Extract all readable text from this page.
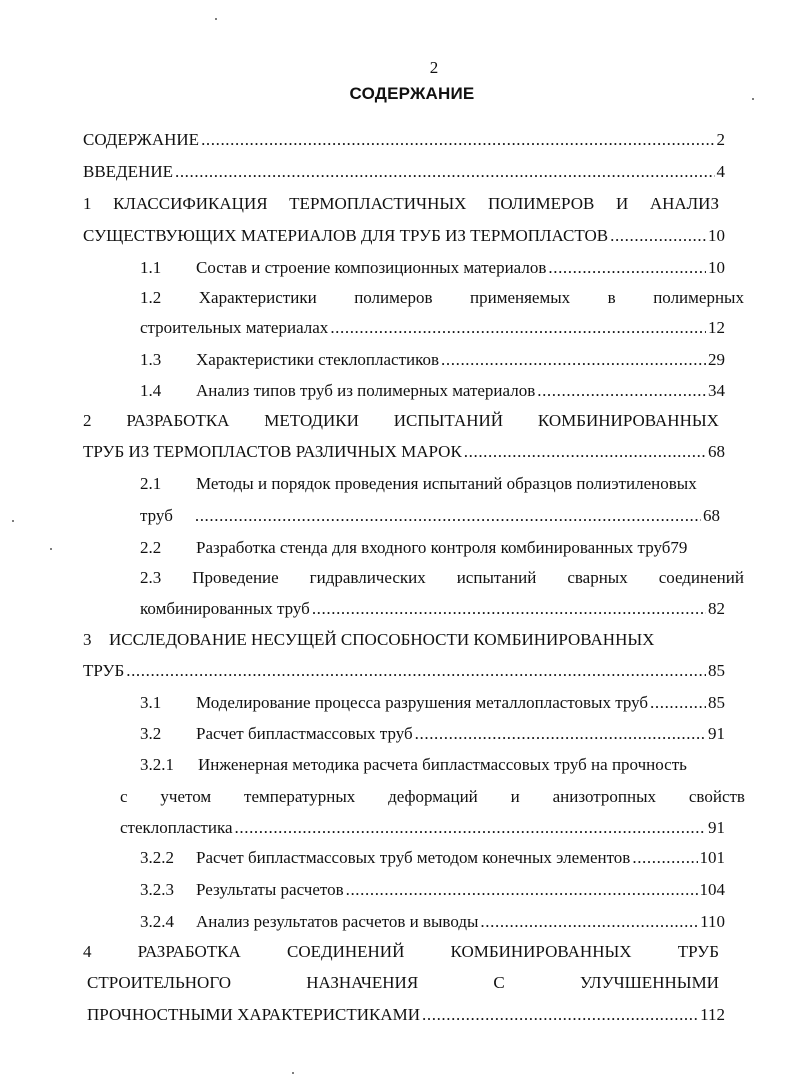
2
СОДЕРЖАНИЕ
СОДЕРЖАНИЕ .....	2
ВВЕДЕНИЕ .....	4
1 КЛАССИФИКАЦИЯ ТЕРМОПЛАСТИЧНЫХ ПОЛИМЕРОВ И АНАЛИЗ
СУЩЕСТВУЮЩИХ МАТЕРИАЛОВ ДЛЯ ТРУБ ИЗ ТЕРМОПЛАСТОВ .....	10
1.1	Состав и строение композиционных материалов .....	10
1.2 Характеристики полимеров применяемых в полимерных
строительных материалах .....	12
1.3	Характеристики стеклопластиков .....	29
1.4	Анализ типов труб из полимерных материалов .....	34
2 РАЗРАБОТКА МЕТОДИКИ ИСПЫТАНИЙ КОМБИНИРОВАННЫХ
ТРУБ ИЗ ТЕРМОПЛАСТОВ РАЗЛИЧНЫХ МАРОК .....	68
2.1 Методы и порядок проведения испытаний образцов полиэтиленовых
труб .....	68
2.2 Разработка стенда для входного контроля комбинированных труб79
2.3 Проведение гидравлических испытаний сварных соединений
комбинированных труб .....	82
3 ИССЛЕДОВАНИЕ НЕСУЩЕЙ СПОСОБНОСТИ КОМБИНИРОВАННЫХ
ТРУБ .....	85
3.1	Моделирование процесса разрушения металлопластовых труб .....	85
3.2	Расчет бипластмассовых труб .....	91
3.2.1 Инженерная методика расчета бипластмассовых труб на прочность
с учетом температурных деформаций и анизотропных свойств
стеклопластика .....	91
3.2.2	Расчет бипластмассовых труб методом конечных элементов .....	101
3.2.3	Результаты расчетов .....	104
3.2.4	Анализ результатов расчетов и выводы .....	110
4	РАЗРАБОТКА	СОЕДИНЕНИЙ	КОМБИНИРОВАННЫХ	ТРУБ
СТРОИТЕЛЬНОГО	НАЗНАЧЕНИЯ	С	УЛУЧШЕННЫМИ
ПРОЧНОСТНЫМИ ХАРАКТЕРИСТИКАМИ .....	112
